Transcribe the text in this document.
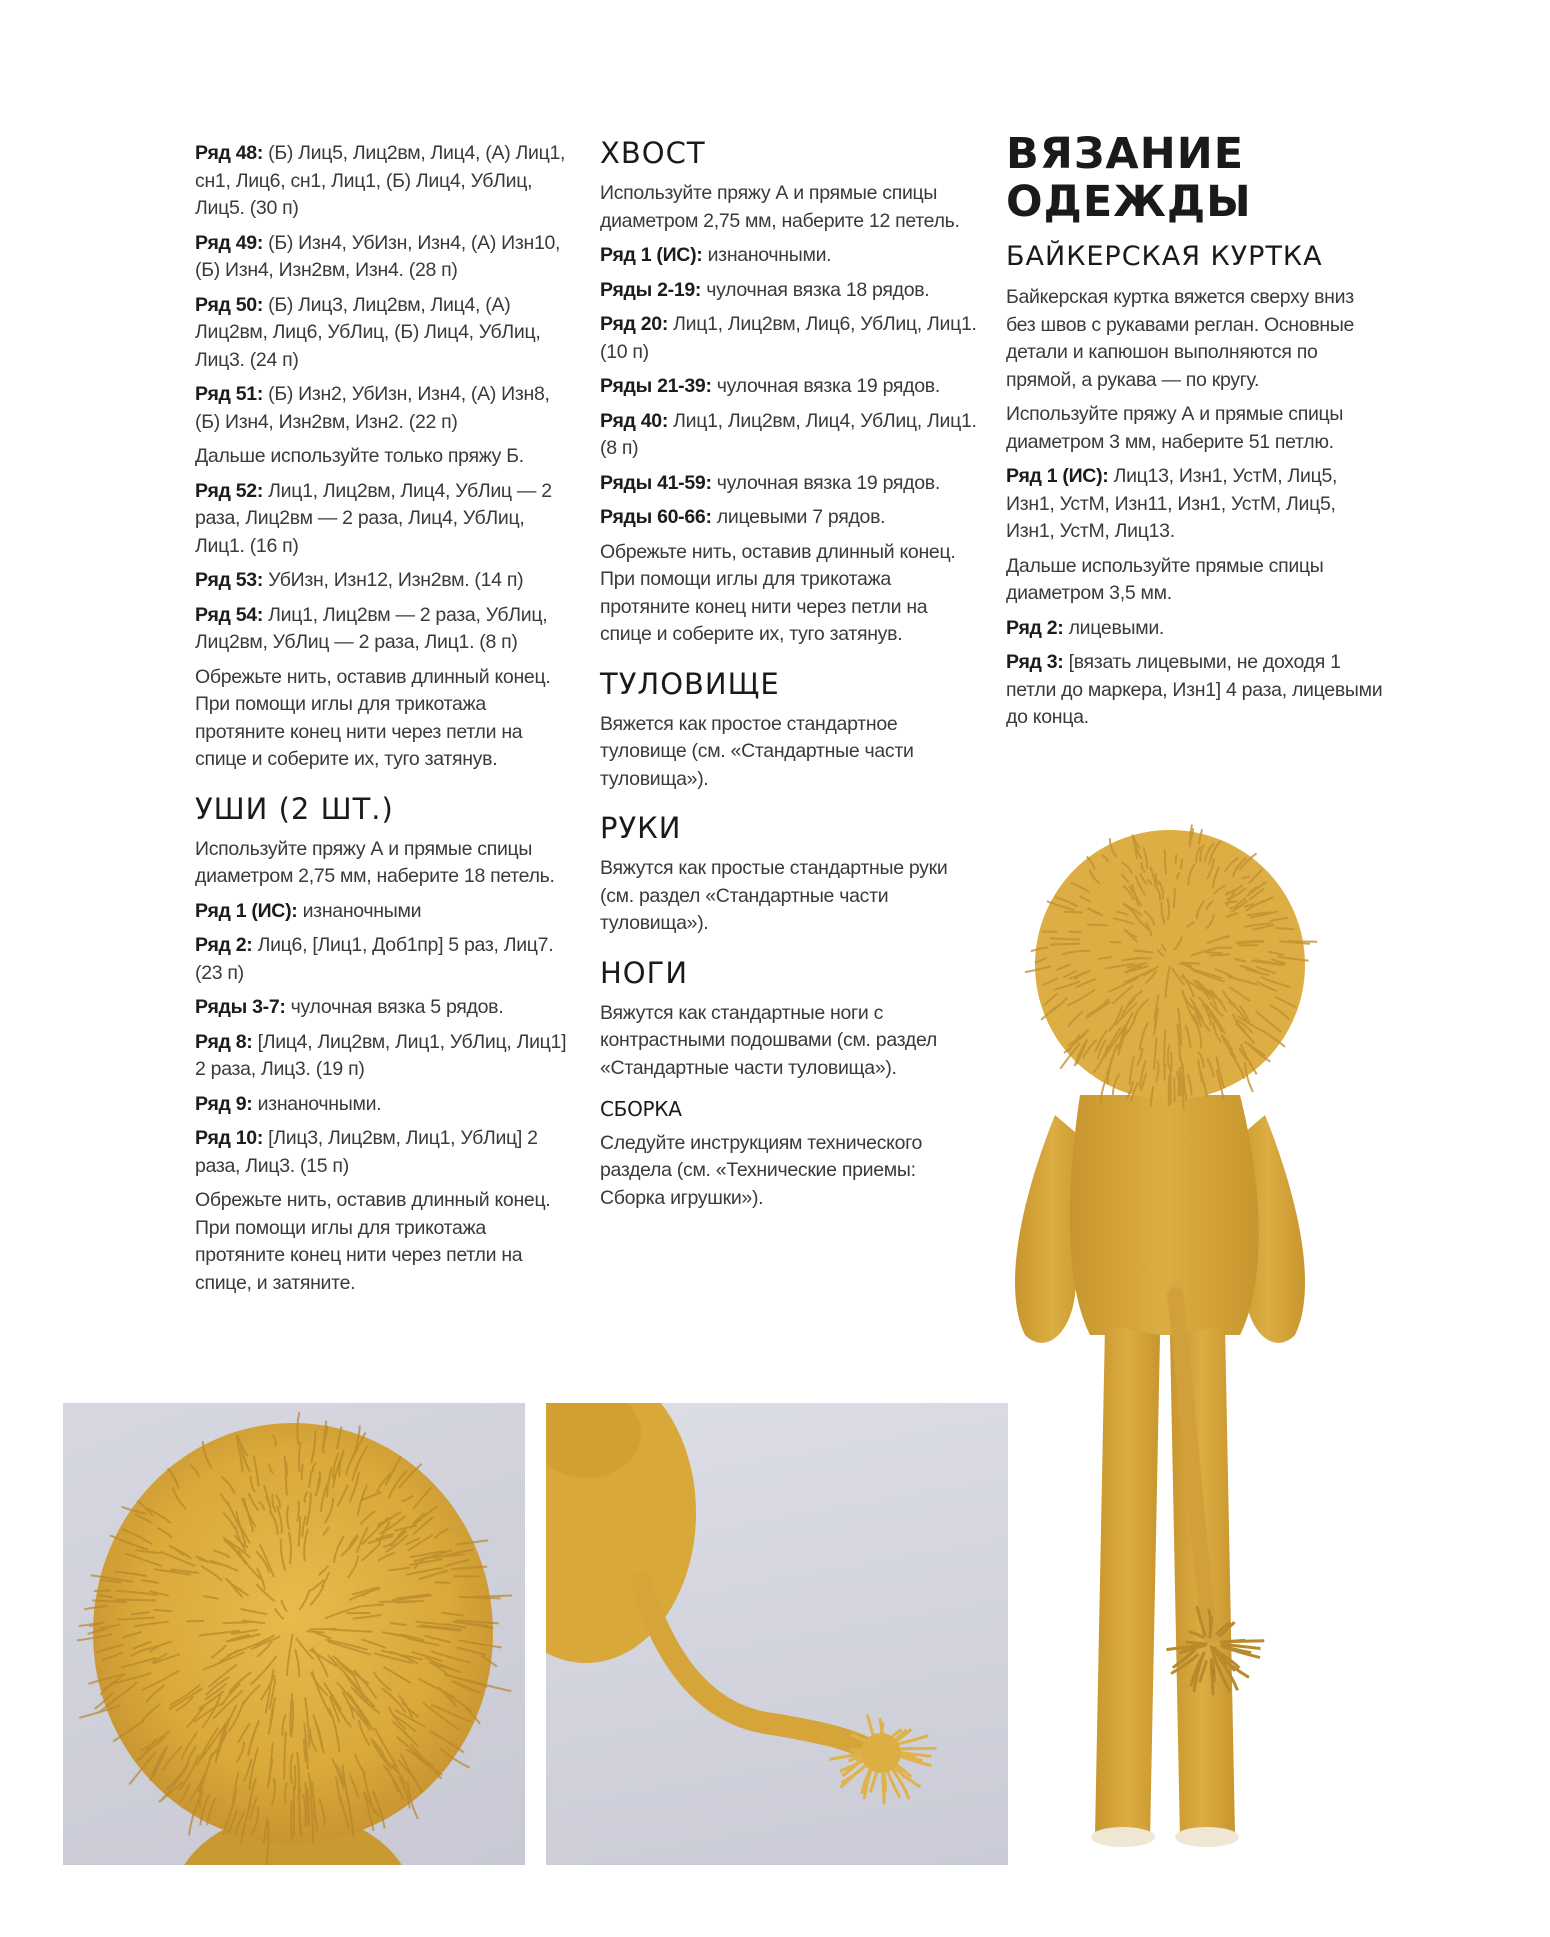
Ряд 48: (Б) Лиц5, Лиц2вм, Лиц4, (А) Лиц1, сн1, Лиц6, сн1, Лиц1, (Б) Лиц4, УбЛиц, Лиц5. (30 п)

Ряд 49: (Б) Изн4, УбИзн, Изн4, (А) Изн10, (Б) Изн4, Изн2вм, Изн4. (28 п)

Ряд 50: (Б) Лиц3, Лиц2вм, Лиц4, (А) Лиц2вм, Лиц6, УбЛиц, (Б) Лиц4, УбЛиц, Лиц3. (24 п)

Ряд 51: (Б) Изн2, УбИзн, Изн4, (А) Изн8, (Б) Изн4, Изн2вм, Изн2. (22 п)

Дальше используйте только пряжу Б.

Ряд 52: Лиц1, Лиц2вм, Лиц4, УбЛиц — 2 раза, Лиц2вм — 2 раза, Лиц4, УбЛиц, Лиц1. (16 п)

Ряд 53: УбИзн, Изн12, Изн2вм. (14 п)

Ряд 54: Лиц1, Лиц2вм — 2 раза, УбЛиц, Лиц2вм, УбЛиц — 2 раза, Лиц1. (8 п)

Обрежьте нить, оставив длинный конец. При помощи иглы для трикотажа протяните конец нити через петли на спице и соберите их, туго затянув.

УШИ (2 ШТ.)

Используйте пряжу А и прямые спицы диаметром 2,75 мм, наберите 18 петель.

Ряд 1 (ИС): изнаночными

Ряд 2: Лиц6, [Лиц1, Доб1пр] 5 раз, Лиц7. (23 п)

Ряды 3-7: чулочная вязка 5 рядов.

Ряд 8: [Лиц4, Лиц2вм, Лиц1, УбЛиц, Лиц1] 2 раза, Лиц3. (19 п)

Ряд 9: изнаночными.

Ряд 10: [Лиц3, Лиц2вм, Лиц1, УбЛиц] 2 раза, Лиц3. (15 п)

Обрежьте нить, оставив длинный конец. При помощи иглы для трикотажа протяните конец нити через петли на спице, и затяните.

ХВОСТ

Используйте пряжу А и прямые спицы диаметром 2,75 мм, наберите 12 петель.

Ряд 1 (ИС): изнаночными.

Ряды 2-19: чулочная вязка 18 рядов.

Ряд 20: Лиц1, Лиц2вм, Лиц6, УбЛиц, Лиц1. (10 п)

Ряды 21-39: чулочная вязка 19 рядов.

Ряд 40: Лиц1, Лиц2вм, Лиц4, УбЛиц, Лиц1. (8 п)

Ряды 41-59: чулочная вязка 19 рядов.

Ряды 60-66: лицевыми 7 рядов.

Обрежьте нить, оставив длинный конец. При помощи иглы для трикотажа протяните конец нити через петли на спице и соберите их, туго затянув.

ТУЛОВИЩЕ

Вяжется как простое стандартное туловище (см. «Стандартные части туловища»).

РУКИ

Вяжутся как простые стандартные руки (см. раздел «Стандартные части туловища»).

НОГИ

Вяжутся как стандартные ноги с контрастными подошвами (см. раздел «Стандартные части туловища»).

СБОРКА

Следуйте инструкциям технического раздела (см. «Технические приемы: Сборка игрушки»).

ВЯЗАНИЕ
ОДЕЖДЫ
БАЙКЕРСКАЯ КУРТКА

Байкерская куртка вяжется сверху вниз без швов с рукавами реглан. Основные детали и капюшон выполняются по прямой, а рукава — по кругу.

Используйте пряжу А и прямые спицы диаметром 3 мм, наберите 51 петлю.

Ряд 1 (ИС): Лиц13, Изн1, УстМ, Лиц5, Изн1, УстМ, Изн11, Изн1, УстМ, Лиц5, Изн1, УстМ, Лиц13.

Дальше используйте прямые спицы диаметром 3,5 мм.

Ряд 2: лицевыми.

Ряд 3: [вязать лицевыми, не доходя 1 петли до маркера, Изн1] 4 раза, лицевыми до конца.
